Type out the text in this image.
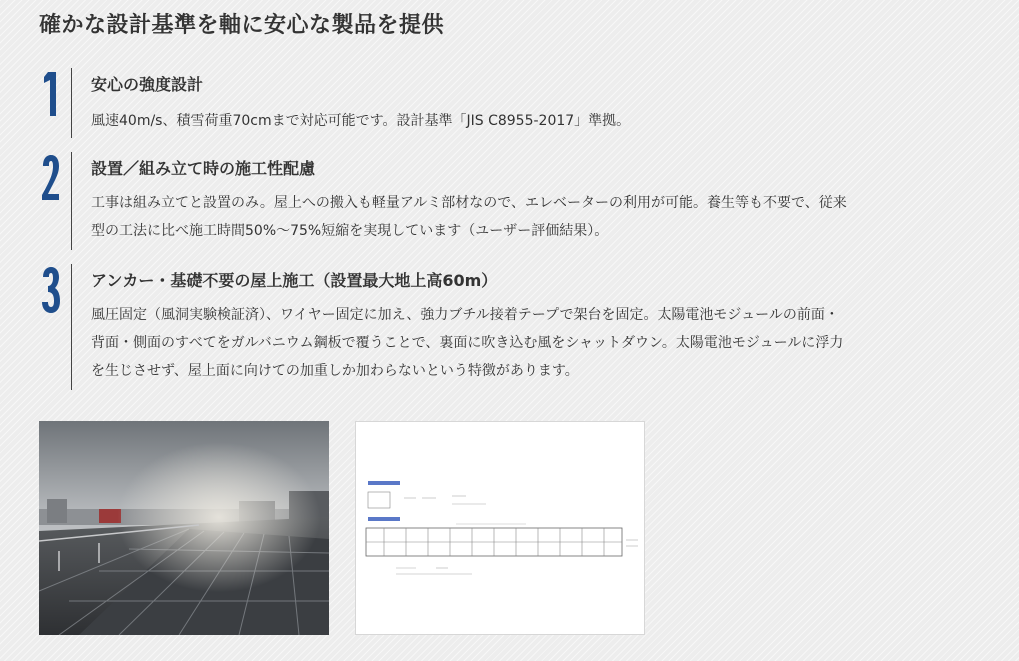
確かな設計基準を軸に安心な製品を提供
安心の強度設計
風速40m/s、積雪荷重70cmまで対応可能です。設計基準「JIS C8955-2017」準拠。
設置／組み立て時の施工性配慮
工事は組み立てと設置のみ。屋上への搬入も軽量アルミ部材なので、エレベーターの利用が可能。養生等も不要で、従来
型の工法に比べ施工時間50%〜75%短縮を実現しています（ユーザー評価結果）。
アンカー・基礎不要の屋上施工（設置最大地上高60m）
風圧固定（風洞実験検証済）、ワイヤー固定に加え、強力ブチル接着テープで架台を固定。太陽電池モジュールの前面・
背面・側面のすべてをガルバニウム鋼板で覆うことで、裏面に吹き込む風をシャットダウン。太陽電池モジュールに浮力
を生じさせず、屋上面に向けての加重しか加わらないという特徴があります。
